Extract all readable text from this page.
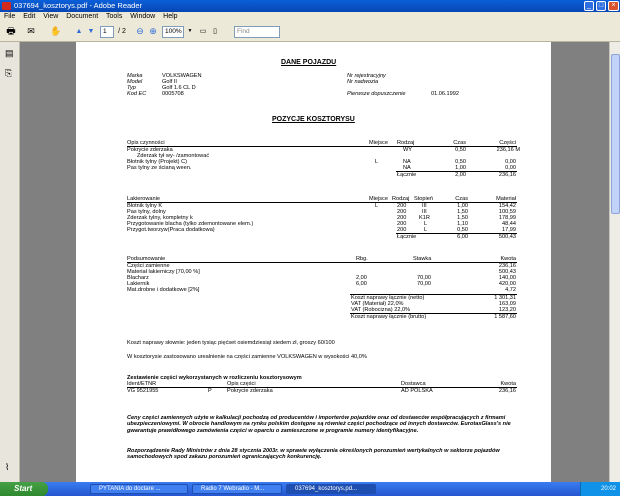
037694_kosztorys.pdf - Adobe Reader	_	□	×
File Edit View Document Tools Window Help
🖶	✉	✋ ▲ ▼	1	/ 2 ⊖ ⊕	100%	▼ ▭ ▯	Find
▤
⎘
⌇
DANE POJAZDU
Marka	VOLKSWAGEN
Model	Golf II
Typ	Golf 1.6 CL D
Kod EC	0005708
Nr rejestracyjny
Nr nadwozia
Pierwsze dopuszczenie	01.06.1992
POZYCJE KOSZTORYSU
Opis czynności	Miejsce Rodzaj	Czas	Części
Pokrycie zderzaka	WY	0,50	236,16 M
Zderzak tył wy- /zamontować
Błotnik tylny (Projekt) C)	L	NA	0,50	0,00
Pas tylny ze ścianą ween.	NA	1,00	0,00
Łącznie	2,00	236,16
Lakierowanie	Miejsce Rodzaj Stopień	Czas	Materiał
Błotnik tylny K	L	200	III	1,00	154,42
Pas tylny, dolny	200	III	1,50	100,59
Zderzak tylny, kompletny k	200 K1R	1,50	178,99
Przygotowanie blacha (tylko zdemontowane elem.)	200	L	1,10	48,44
Przygot.tworzyw(Praca dodatkowa)	200	L	0,50	17,99
Łącznie	6,00	500,43
Podsumowanie	Rbg.	Stawka	Kwota
Części zamienne	236,16
Materiał lakierniczy [70,00 %]	500,43
Blacharz	2,00	70,00	140,00
Lakiernik	6,00	70,00	420,00
Mat.drobne i dodatkowe [2%]	4,72
Koszt naprawy łącznie (netto)	1 301,31
VAT (Materiał) 22,0%	163,09
VAT (Robocizna) 22,0%	123,20
Koszt naprawy łącznie (brutto)	1 587,60
Koszt naprawy słownie: jeden tysiąc pięćset osiemdziesiąt siedem zł, groszy 60/100
W kosztorysie zastosowano urealnienie na części zamienne VOLKSWAGEN w wysokości 40,0%
Zestawienie części wykorzystanych w rozliczeniu kosztorysowym
Ident/ETNR	Opis części	Dostawca	Kwota
VG 9521955	P	Pokrycie zderzaka	AD POLSKA	236,16
Ceny części zamiennych użyte w kalkulacji pochodzą od producentów i importerów pojazdów oraz od dostawców współpracujących z firmami ubezpieczeniowymi. W obrocie handlowym na rynku polskim dostępne są również części pochodzące od innych dostawców. EurotaxGlass's nie gwarantuje prawidłowego zamówienia części w oparciu o zamieszczone w programie numery identyfikacyjne.
Rozporządzenie Rady Ministrów z dnia 28 stycznia 2003r. w sprawie wyłączenia określonych porozumień wertykalnych w sektorze pojazdów samochodowych spod zakazu porozumień ograniczających konkurencję.
Start	PYTANIA do doctare ...	Radio 7 Webradio - M...	037694_kosztorys.pd...	20:02
